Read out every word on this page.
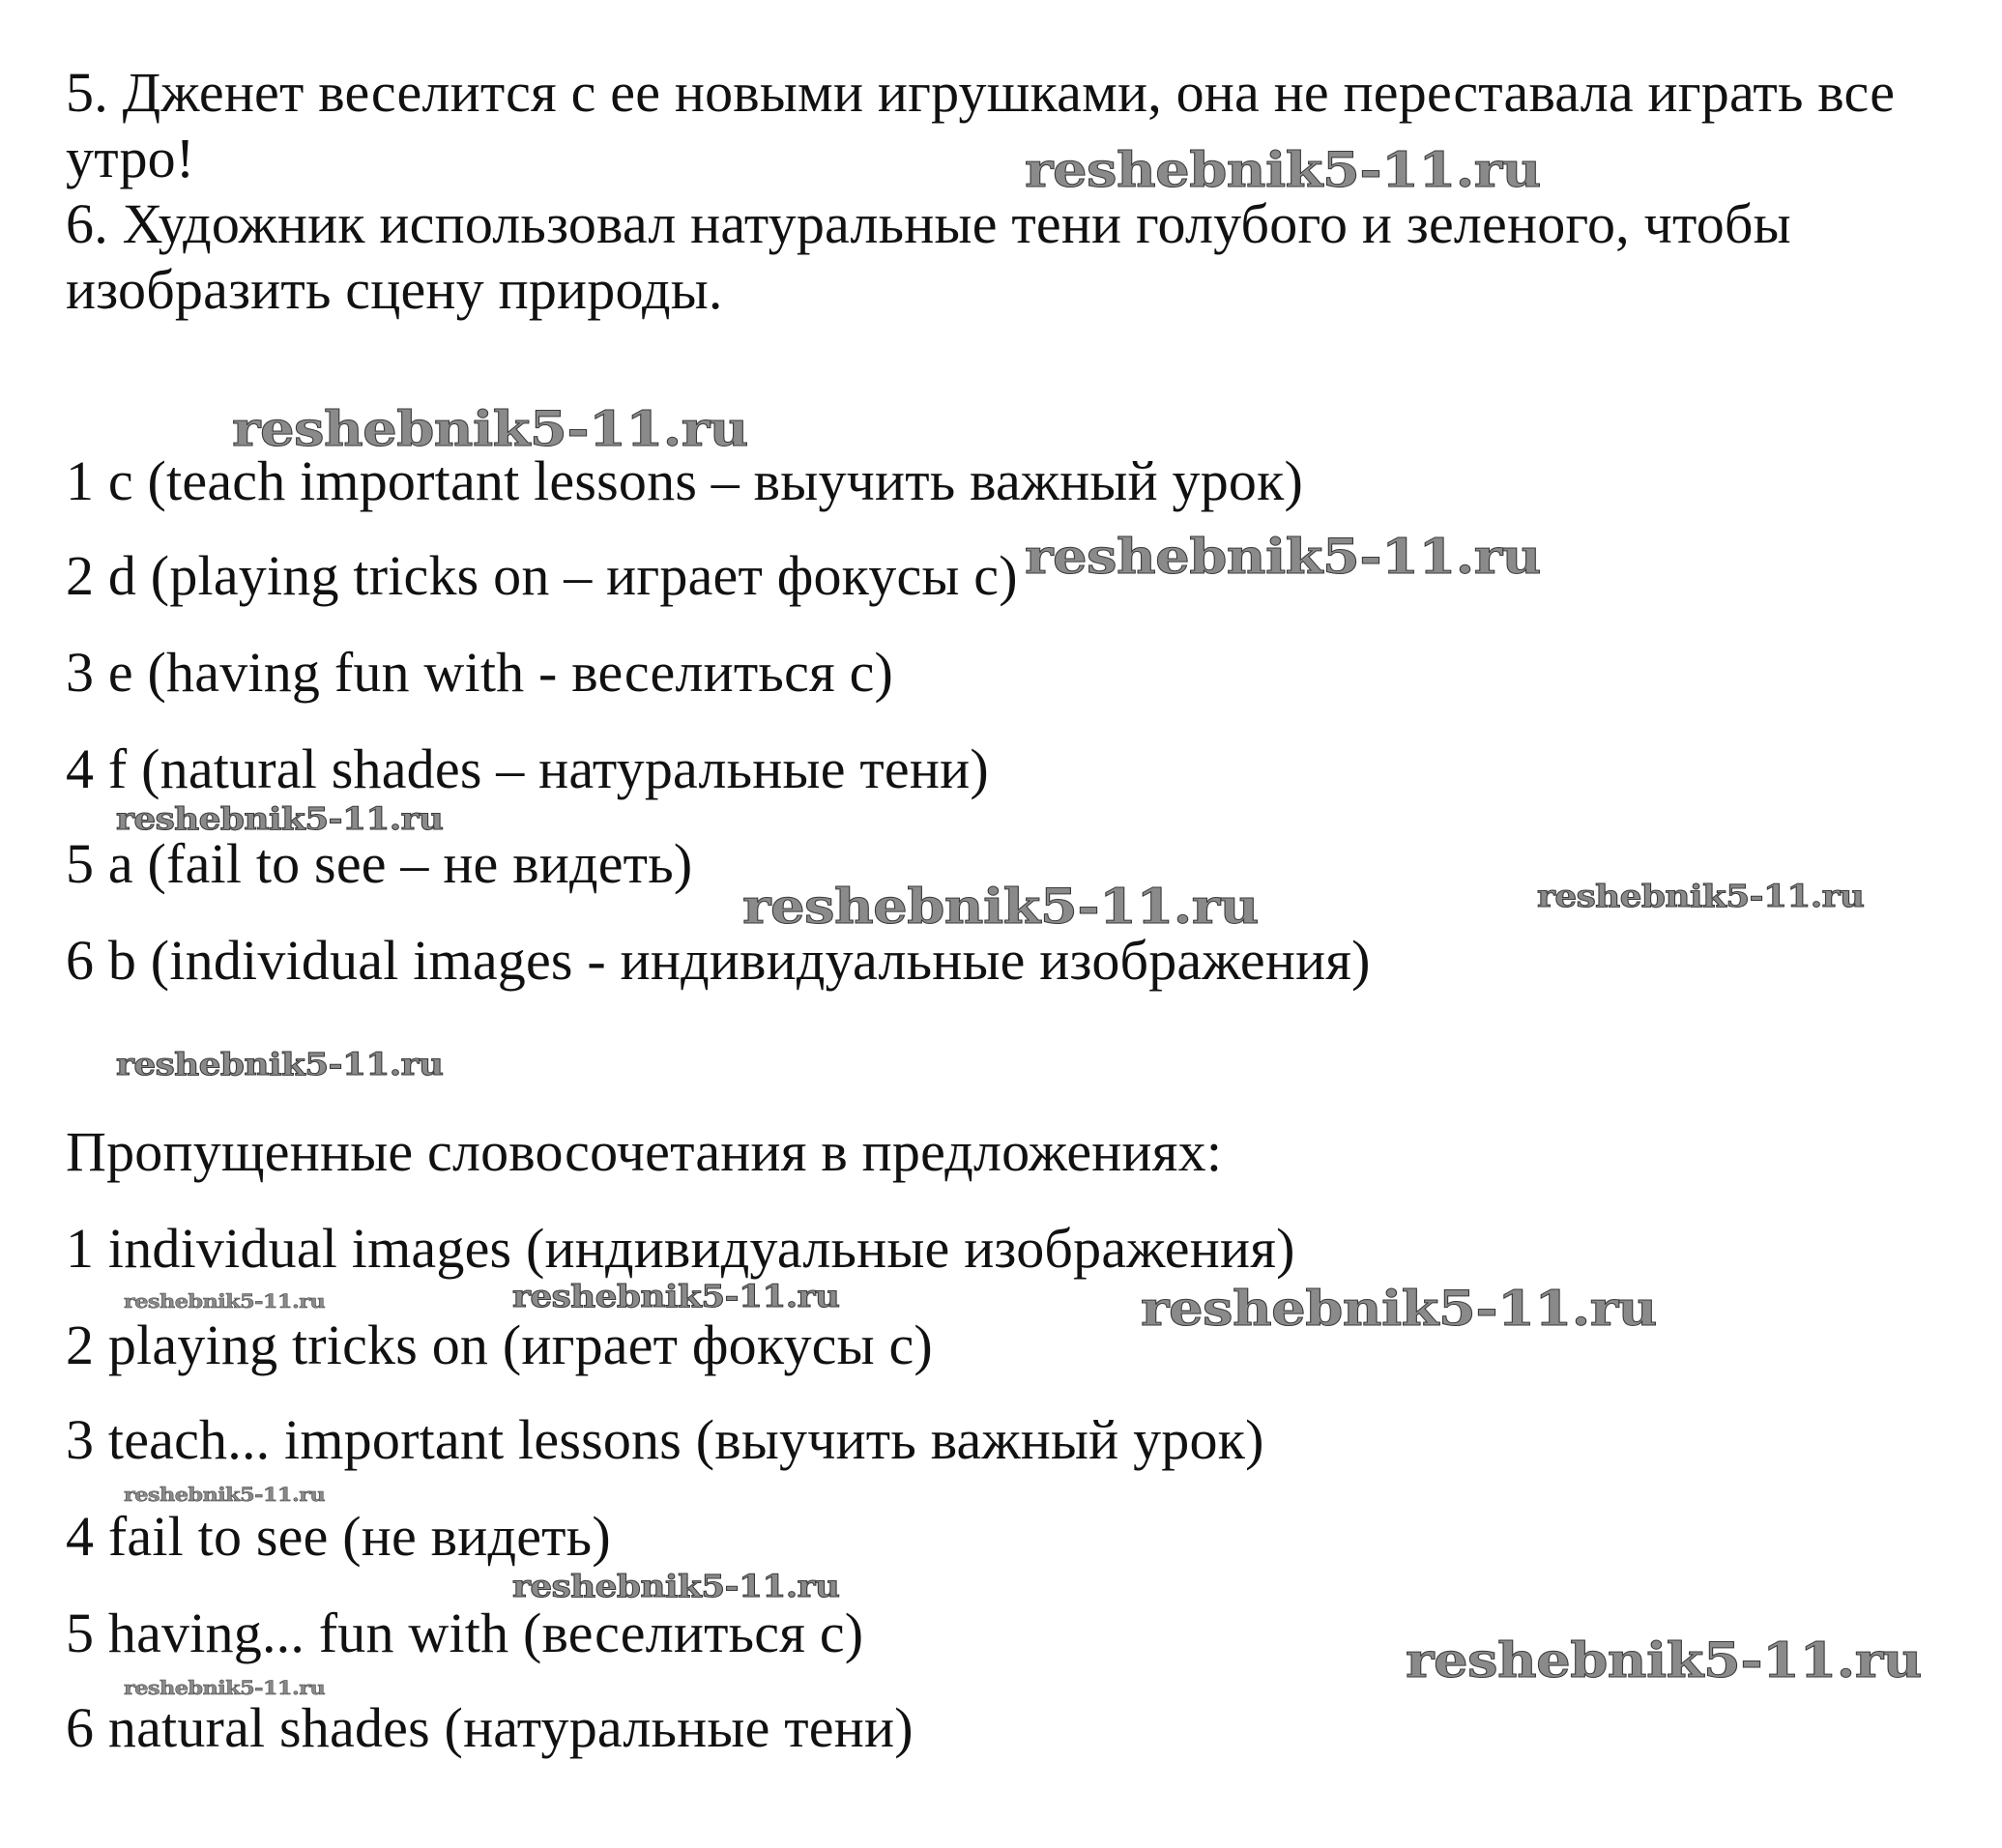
5. Дженет веселится с ее новыми игрушками, она не переставала играть все
утро!
6. Художник использовал натуральные тени голубого и зеленого, чтобы
изобразить сцену природы.
1 c (teach important lessons – выучить важный урок)
2 d (playing tricks on – играет фокусы с)
3 e (having fun with - веселиться с)
4 f (natural shades – натуральные тени)
5 a (fail to see – не видеть)
6 b (individual images - индивидуальные изображения)
Пропущенные словосочетания в предложениях:
1 individual images (индивидуальные изображения)
2 playing tricks on (играет фокусы с)
3 teach... important lessons (выучить важный урок)
4 fail to see (не видеть)
5 having... fun with (веселиться с)
6 natural shades (натуральные тени)
reshebnik5-11.ru
reshebnik5-11.ru
reshebnik5-11.ru
reshebnik5-11.ru
reshebnik5-11.ru	reshebnik5-11.ru
reshebnik5-11.ru
reshebnik5-11.ru	reshebnik5-11.ru	reshebnik5-11.ru
reshebnik5-11.ru
reshebnik5-11.ru
reshebnik5-11.ru
reshebnik5-11.ru
